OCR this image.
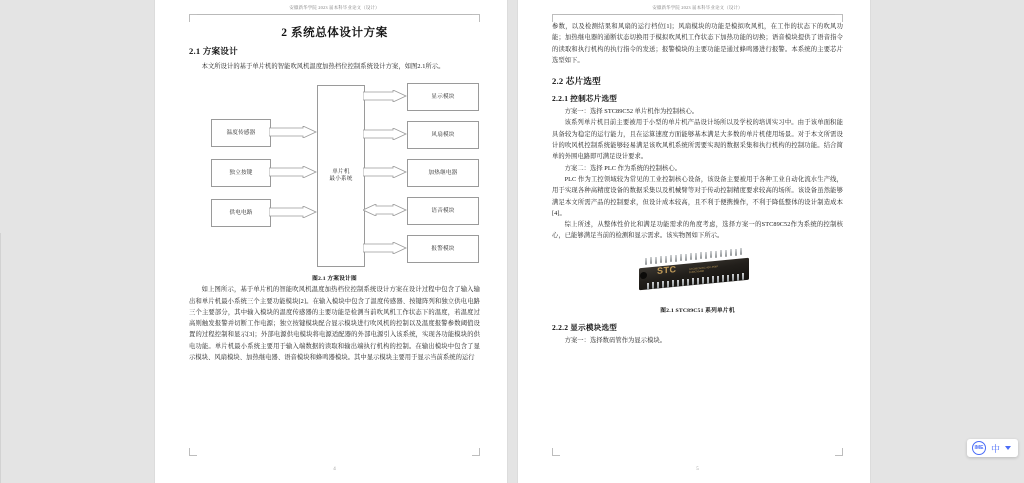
安徽新华学院 2023 届本科毕业论文（设计）
2 系统总体设计方案
2.1 方案设计

本文所设计的基于单片机的智能吹风机温度加热档位控制系统设计方案，如图2.1所示。

温度传感器
独立按键
供电电路
单片机
最小系统
显示模块
风扇模块
加热继电器
语音模块
报警模块

图2.1 方案设计图

如上图所示，基于单片机的智能吹风机温度加热档位控制系统设计方案在设计过程中包含了输入输出和单片机最小系统三个主要功能模块[2]。在输入模块中包含了温度传感器、按键阵列和独立供电电路三个主要部分，其中输入模块的温度传感器的主要功能是检测当前吹风机工作状态下的温度，若温度过高则触发报警并切断工作电源；独立按键模块配合显示模块进行吹风机的控制以及温度报警参数阈值设置的过程控制和显示[3]；外部电源供电模块将电源适配器的外部电源引入该系统，实现各功能模块的供电功能。单片机最小系统主要用于输入端数据的读取和输出端执行机构的控制。在输出模块中包含了显示模块、风扇模块、加热继电器、语音模块和蜂鸣器模块。其中显示模块主要用于显示当前系统的运行

4
安徽新华学院 2023 届本科毕业论文（设计）

参数，以及检测结果和风扇的运行档位[1]；风扇模块的功能是模拟吹风机，在工作的状态下的吹风功能；加热继电器的通断状态切换用于模拟吹风机工作状态下加热功能的切换；语音模块提供了语音指令的读取和执行机构的执行指令的发送；报警模块的主要功能是通过蜂鸣器进行报警。本系统的主要芯片选型如下。

2.2 芯片选型
2.2.1 控制芯片选型

方案一：选择 STC89C52 单片机作为控制核心。

该系列单片机目前主要被用于小型的单片机产品设计场所以及学校的培训实习中。由于该单面积能具备较为稳定的运行能力，且在运算速度方面能够基本满足大多数的单片机使用场景。对于本文所需设计的吹风机控制系统能够轻易满足该吹风机系统所需要实现的数据采集和执行机构的控制功能。结合简单的外围电路即可满足设计要求。

方案二：选择 PLC 作为系统的控制核心。

PLC 作为工控领域较为常见的工业控制核心设备，该设备主要被用于各种工业自动化流水生产线，用于实现各种高精度设备的数据采集以及机械臂等对于传动控制精度要求较高的场所。该设备虽然能够满足本文所需产品的控制要求，但设计成本较高，且不利于便携操作，不利于降低整体的设计制造成本[4]。

综上所述，从整体性价比和满足功能需求的角度考虑，选择方案一的STC89C52作为系统的控制核心，已能够满足当前的检测和显示需求。该实物图如下所示。

STC	STC89C52RC 40C-PDIP 1138CV5488

图2.1 STC89C51 系列单片机

2.2.2 显示模块选型

方案一：选择数码管作为显示模块。

5
IME 中
